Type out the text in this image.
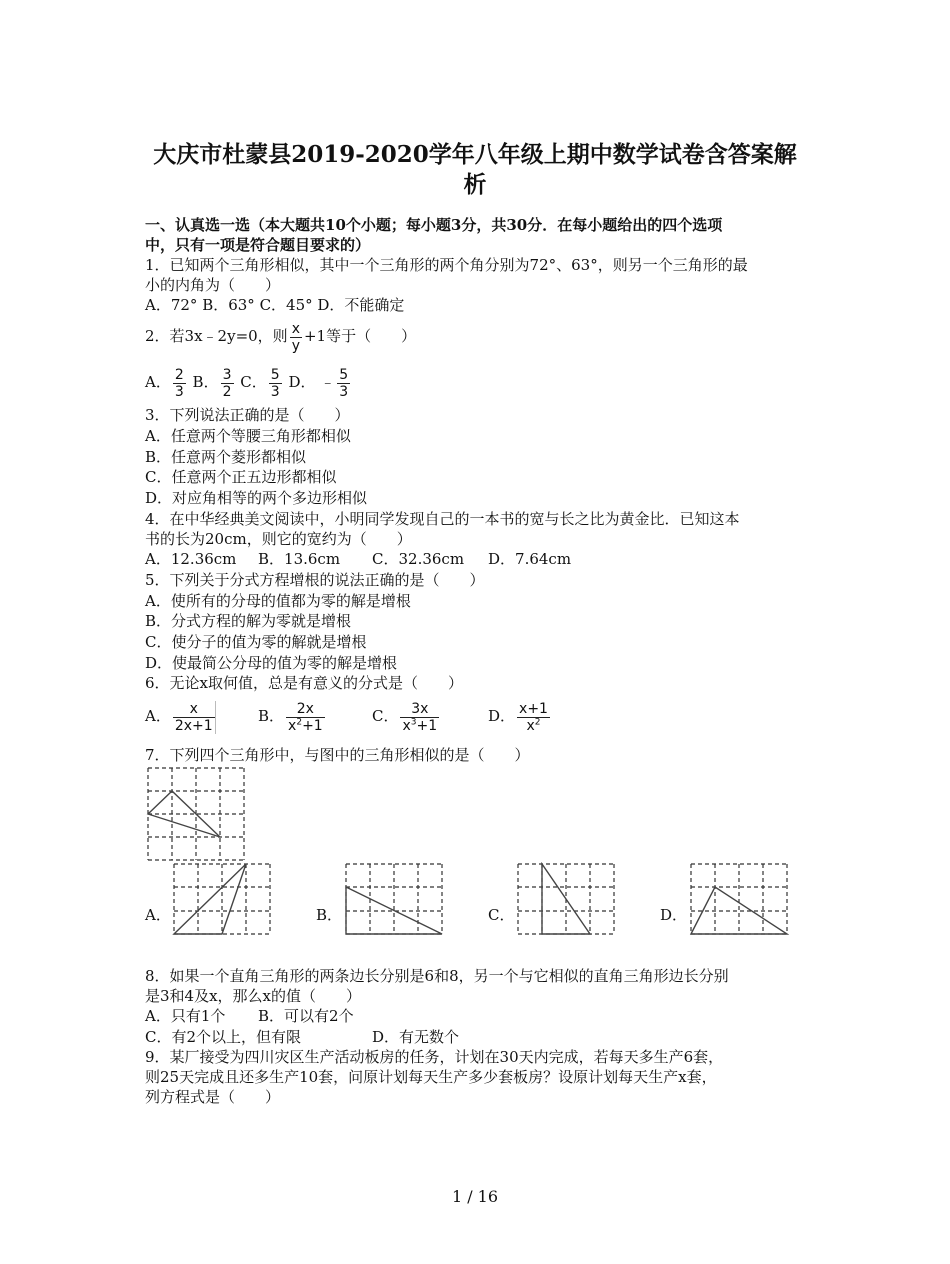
大庆市杜蒙县2019-2020学年八年级上期中数学试卷含答案解
析
一、认真选一选（本大题共10个小题；每小题3分，共30分．在每小题给出的四个选项
中，只有一项是符合题目要求的）
1．已知两个三角形相似，其中一个三角形的两个角分别为72°、63°，则另一个三角形的最
小的内角为（　　）
A．72° B．63° C．45° D．不能确定
2．若3x﹣2y=0，则 $\frac{x}{y} +1$等于（　　）
A． $\frac{2}{3}$ B． $\frac{3}{2}$ C． $\frac{5}{3}$ D． ﹣ $\frac{5}{3}$
3．下列说法正确的是（　　）
A．任意两个等腰三角形都相似
B．任意两个菱形都相似
C．任意两个正五边形都相似
D．对应角相等的两个多边形相似
4．在中华经典美文阅读中，小明同学发现自己的一本书的宽与长之比为黄金比．已知这本
书的长为20cm，则它的宽约为（　　）
A．12.36cm B．13.6cm C．32.36cm D．7.64cm
5．下列关于分式方程增根的说法正确的是（　　）
A．使所有的分母的值都为零的解是增根
B．分式方程的解为零就是增根
C．使分子的值为零的解就是增根
D．使最简公分母的值为零的解是增根
6．无论x取何值，总是有意义的分式是（　　）
A． $\frac{x}{2x+1}$	B． $\frac{2x}{x^2+1}$	C． $\frac{3x}{x^3+1}$	D． $\frac{x+1}{x^2}$
7．下列四个三角形中，与图中的三角形相似的是（　　）
A．	B．	C．	D．
8．如果一个直角三角形的两条边长分别是6和8，另一个与它相似的直角三角形边长分别
是3和4及x，那么x的值（　　）
A．只有1个 B．可以有2个
C．有2个以上，但有限	D．有无数个
9．某厂接受为四川灾区生产活动板房的任务，计划在30天内完成，若每天多生产6套，
则25天完成且还多生产10套，问原计划每天生产多少套板房？设原计划每天生产x套，
列方程式是（　　）
1 / 16
